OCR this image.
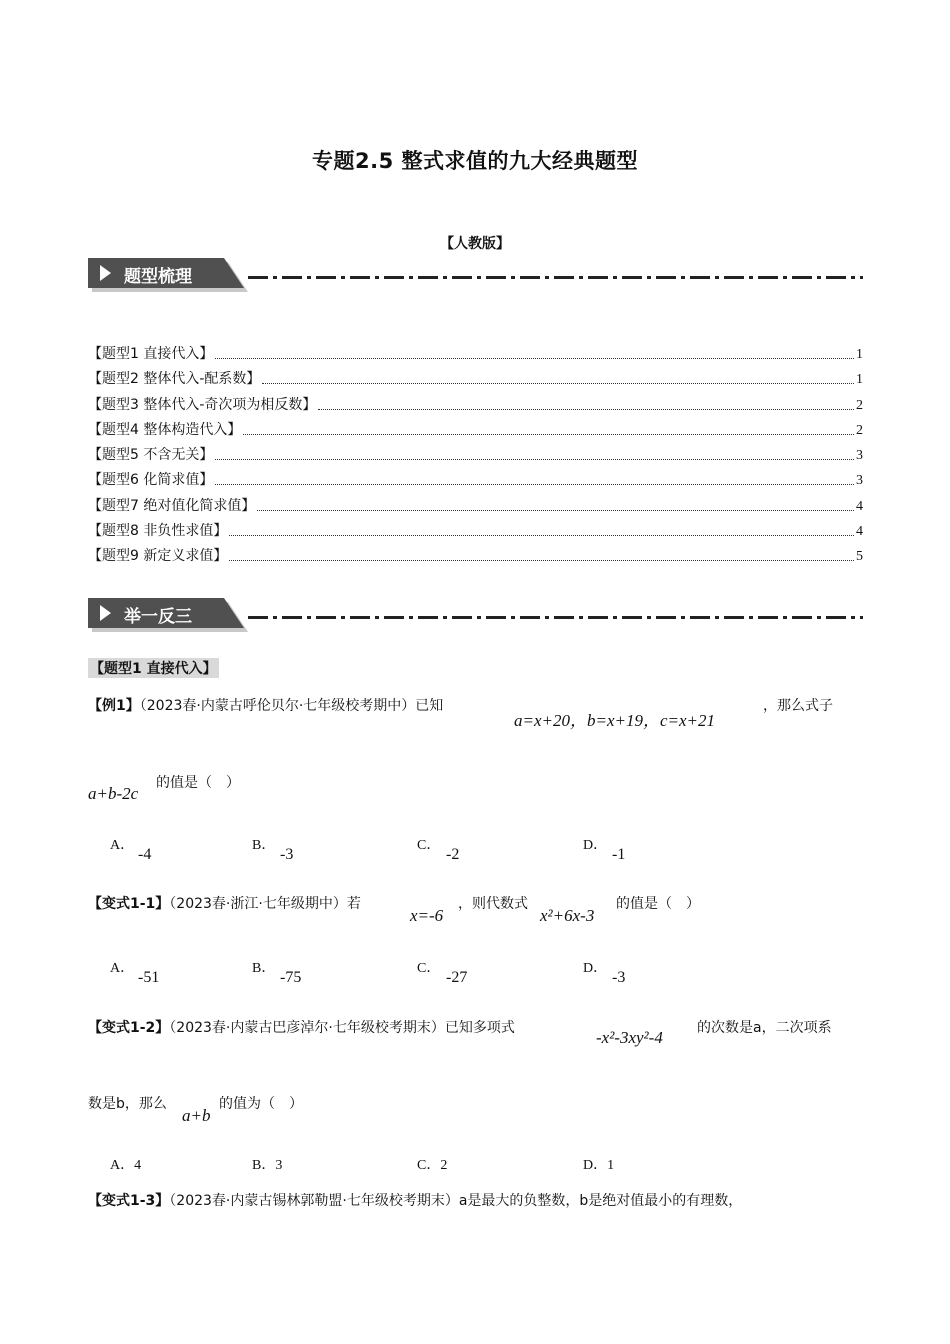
专题2.5 整式求值的九大经典题型
【人教版】
题型梳理
【题型1 直接代入】	1
【题型2 整体代入-配系数】	1
【题型3 整体代入-奇次项为相反数】	2
【题型4 整体构造代入】	2
【题型5 不含无关】	3
【题型6 化简求值】	3
【题型7 绝对值化简求值】	4
【题型8 非负性求值】	4
【题型9 新定义求值】	5
举一反三
【题型1 直接代入】
【例1】（2023春·内蒙古呼伦贝尔·七年级校考期中）已知
a=x+20，b=x+19，c=x+21
，那么式子
a+b-2c
的值是（　）
A．
-4
B．
-3
C．
-2
D．
-1
【变式1-1】（2023春·浙江·七年级期中）若
x=-6
，则代数式
x²+6x-3
的值是（　）
A．
-51
B．
-75
C．
-27
D．
-3
【变式1-2】（2023春·内蒙古巴彦淖尔·七年级校考期末）已知多项式	-x²-3xy²-4 的次数是a，二次项系
数是b，那么
a+b
的值为（　）
A．4	B．3	C．2	D．1
【变式1-3】（2023春·内蒙古锡林郭勒盟·七年级校考期末）a是最大的负整数，b是绝对值最小的有理数，
